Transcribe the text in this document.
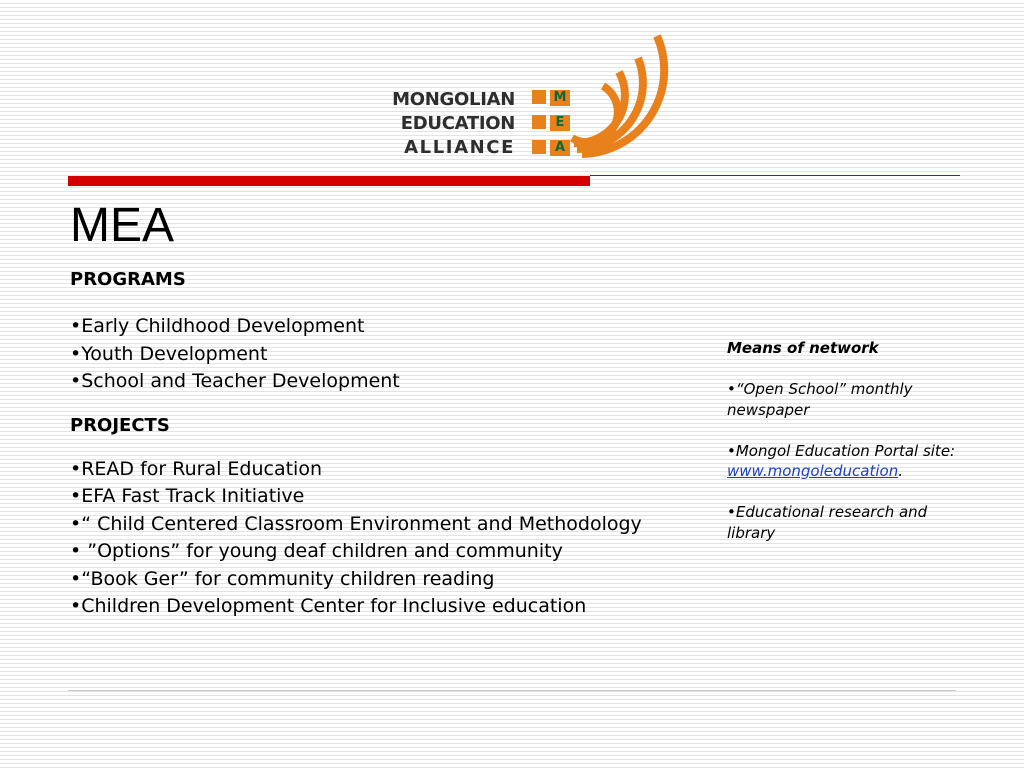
MONGOLIAN
EDUCATION
ALLIANCE
M
E
A
MEA
PROGRAMS
•Early Childhood Development
•Youth Development
•School and Teacher Development
PROJECTS
•READ for Rural Education
•EFA Fast Track Initiative
•“ Child Centered Classroom Environment and Methodology
• ”Options” for young deaf children and community
•“Book Ger” for community children reading
•Children Development Center for Inclusive education

Means of network

•“Open School” monthly newspaper

•Mongol Education Portal site:
www.mongoleducation.

•Educational research and library
